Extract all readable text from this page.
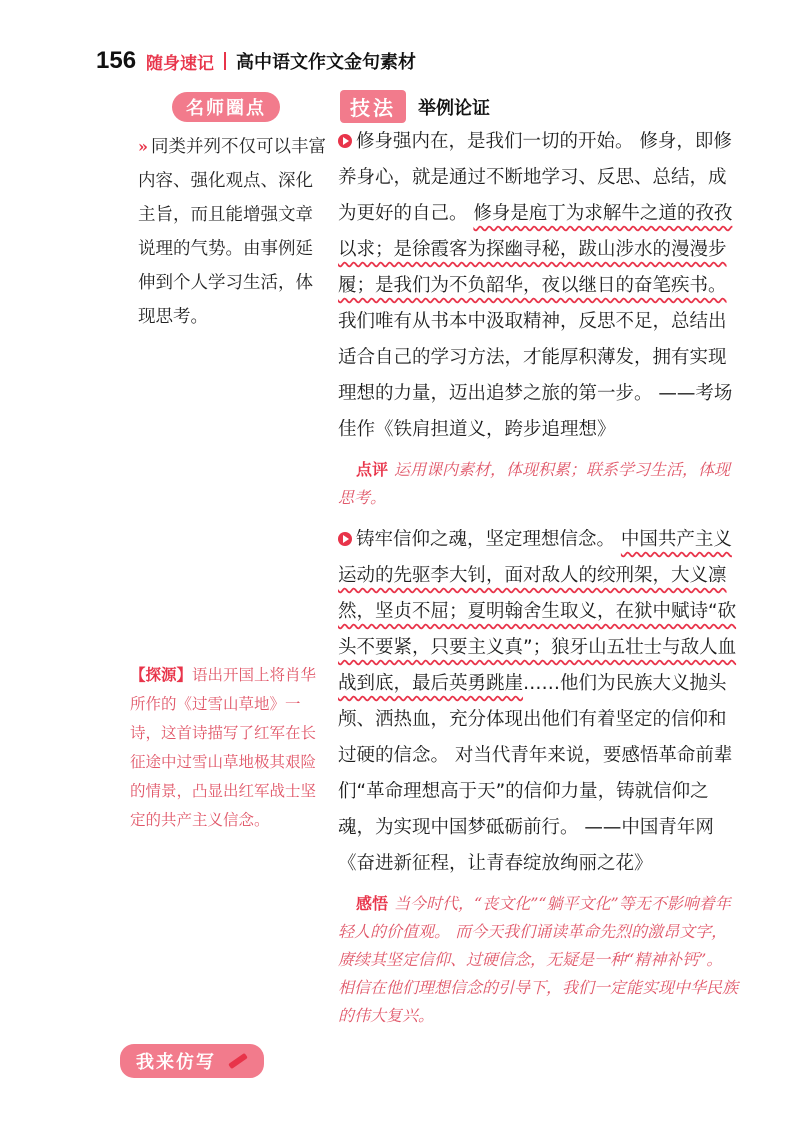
156 随身速记 高中语文作文金句素材
名师圈点	技法	举例论证
» 同类并列不仅可以丰富内容、强化观点、深化主旨，而且能增强文章说理的气势。由事例延伸到个人学习生活，体现思考。
【探源】语出开国上将肖华所作的《过雪山草地》一诗，这首诗描写了红军在长征途中过雪山草地极其艰险的情景，凸显出红军战士坚定的共产主义信念。

修身强内在，是我们一切的开始。 修身，即修养身心，就是通过不断地学习、反思、总结，成为更好的自己。 修身是庖丁为求解牛之道的孜孜以求；是徐霞客为探幽寻秘，跋山涉水的漫漫步履；是我们为不负韶华，夜以继日的奋笔疾书。 我们唯有从书本中汲取精神，反思不足，总结出适合自己的学习方法，才能厚积薄发，拥有实现理想的力量，迈出追梦之旅的第一步。 ——考场佳作《铁肩担道义，跨步追理想》

点评 运用课内素材，体现积累；联系学习生活，体现思考。

铸牢信仰之魂，坚定理想信念。 中国共产主义运动的先驱李大钊，面对敌人的绞刑架，大义凛然，坚贞不屈；夏明翰舍生取义，在狱中赋诗“砍头不要紧，只要主义真”；狼牙山五壮士与敌人血战到底，最后英勇跳崖……他们为民族大义抛头颅、洒热血，充分体现出他们有着坚定的信仰和过硬的信念。 对当代青年来说，要感悟革命前辈们“革命理想高于天”的信仰力量，铸就信仰之魂，为实现中国梦砥砺前行。 ——中国青年网《奋进新征程，让青春绽放绚丽之花》

感悟 当今时代，“丧文化”“躺平文化”等无不影响着年轻人的价值观。 而今天我们诵读革命先烈的激昂文字，赓续其坚定信仰、过硬信念，无疑是一种“精神补钙”。 相信在他们理想信念的引导下，我们一定能实现中华民族的伟大复兴。

我来仿写
